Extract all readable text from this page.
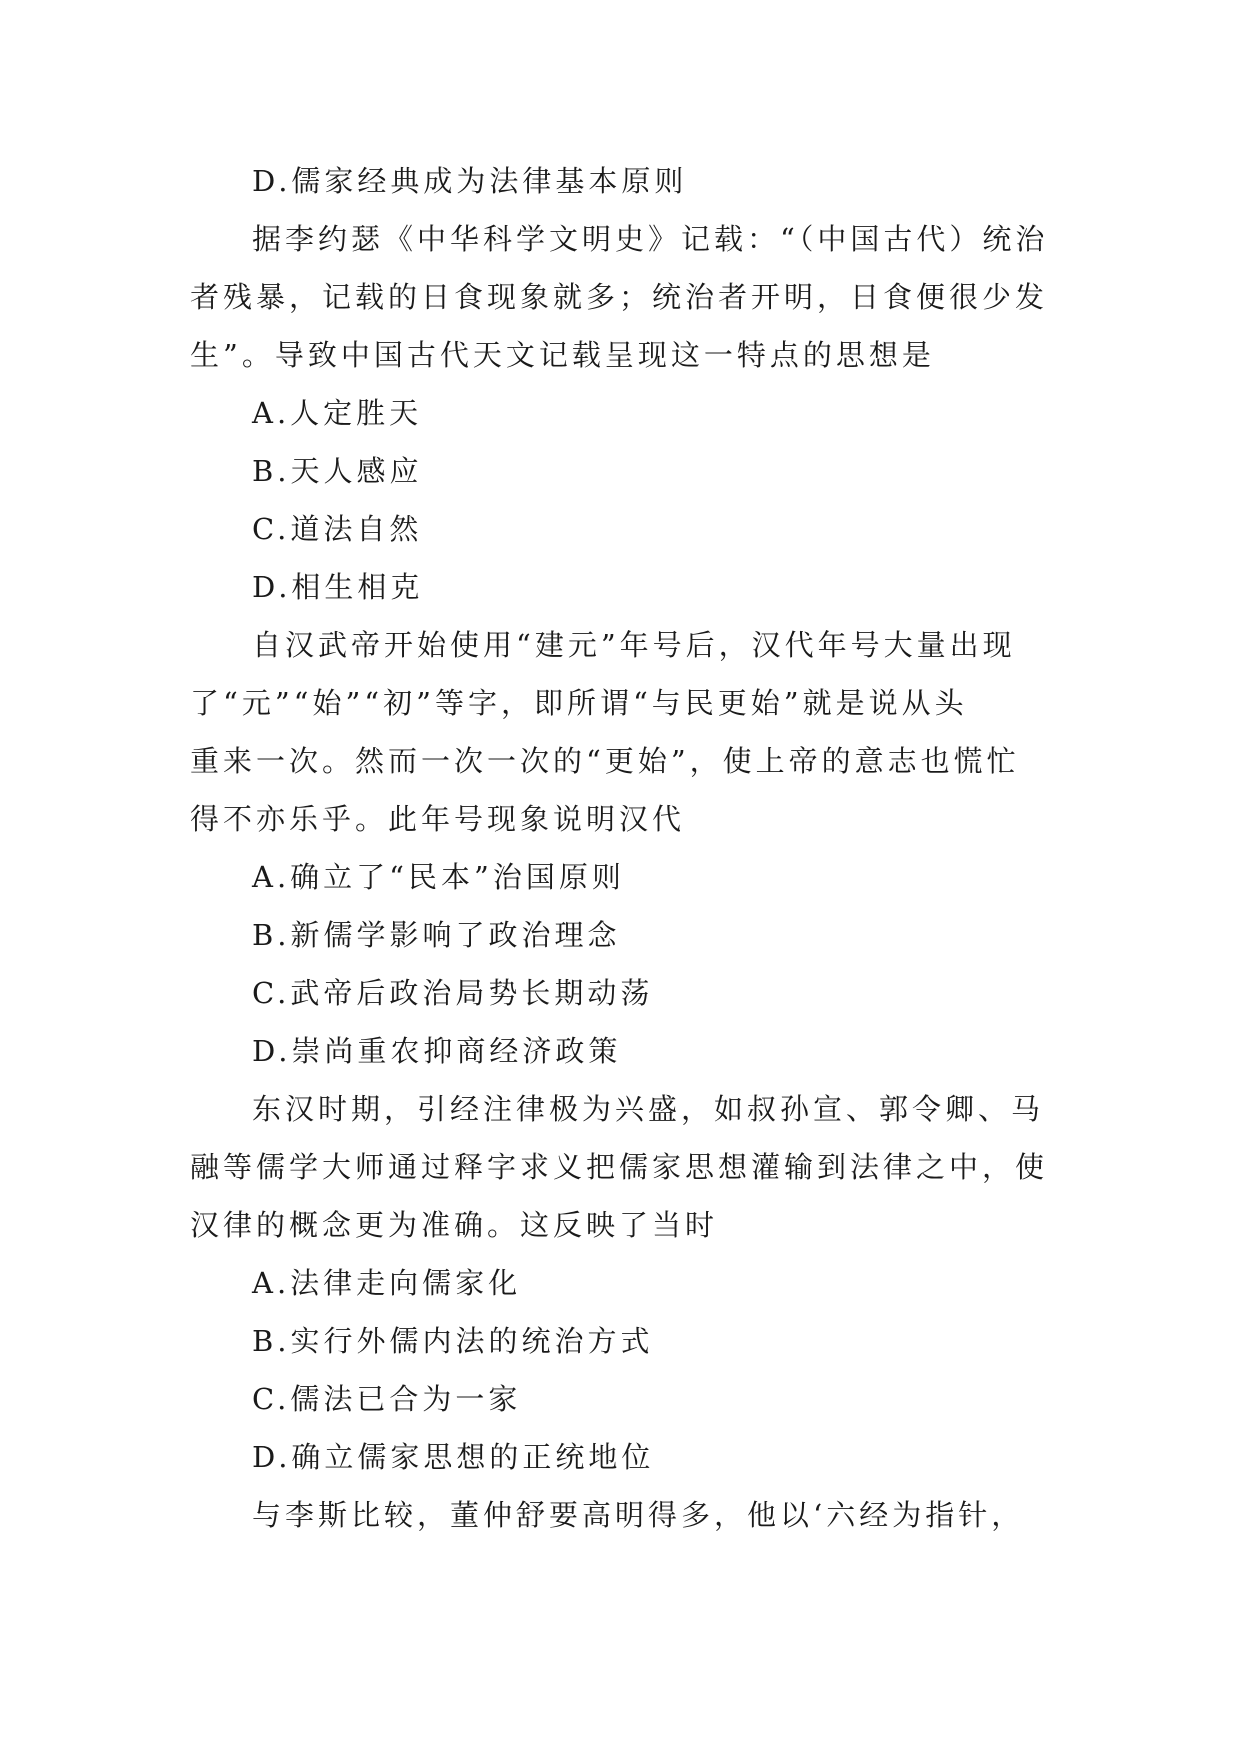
D.儒家经典成为法律基本原则
据李约瑟《中华科学文明史》记载：“（中国古代）统治
者残暴，记载的日食现象就多；统治者开明，日食便很少发
生”。导致中国古代天文记载呈现这一特点的思想是
A.人定胜天
B.天人感应
C.道法自然
D.相生相克
自汉武帝开始使用“建元”年号后，汉代年号大量出现
了“元”“始”“初”等字，即所谓“与民更始”就是说从头
重来一次。然而一次一次的“更始”，使上帝的意志也慌忙
得不亦乐乎。此年号现象说明汉代
A.确立了“民本”治国原则
B.新儒学影响了政治理念
C.武帝后政治局势长期动荡
D.崇尚重农抑商经济政策
东汉时期，引经注律极为兴盛，如叔孙宣、郭令卿、马
融等儒学大师通过释字求义把儒家思想灌输到法律之中，使
汉律的概念更为准确。这反映了当时
A.法律走向儒家化
B.实行外儒内法的统治方式
C.儒法已合为一家
D.确立儒家思想的正统地位
与李斯比较，董仲舒要高明得多，他以‘六经为指针，
